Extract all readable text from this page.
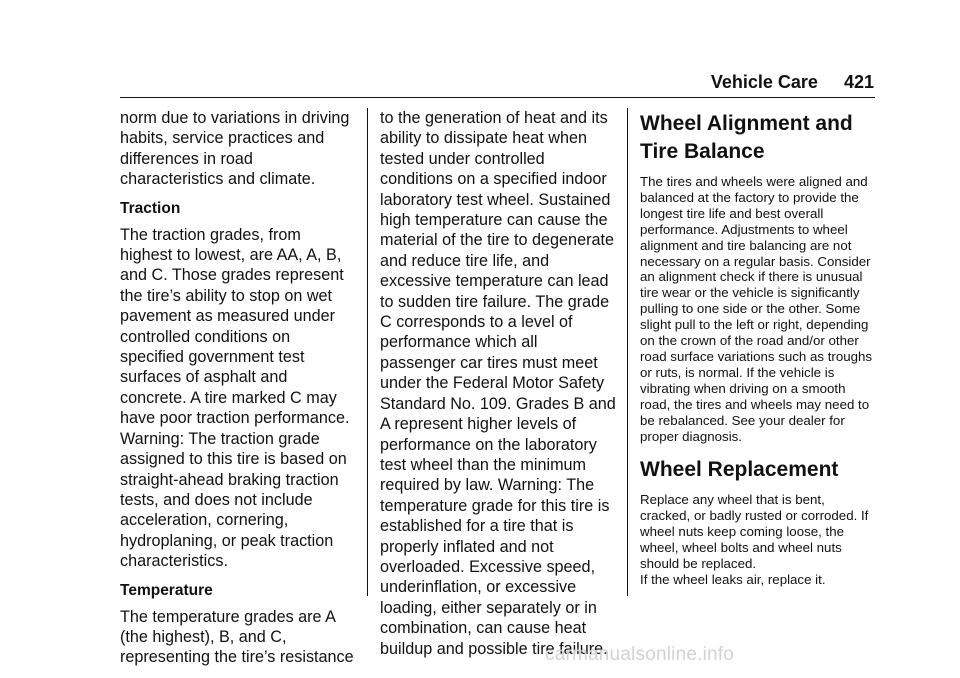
Vehicle Care 421

norm due to variations in driving habits, service practices and differences in road characteristics and climate.

Traction

The traction grades, from highest to lowest, are AA, A, B, and C. Those grades represent the tire’s ability to stop on wet pavement as measured under controlled conditions on specified government test surfaces of asphalt and concrete. A tire marked C may have poor traction performance. Warning: The traction grade assigned to this tire is based on straight-ahead braking traction tests, and does not include acceleration, cornering, hydroplaning, or peak traction characteristics.

Temperature

The temperature grades are A (the highest), B, and C, representing the tire’s resistance

to the generation of heat and its ability to dissipate heat when tested under controlled conditions on a specified indoor laboratory test wheel. Sustained high temperature can cause the material of the tire to degenerate and reduce tire life, and excessive temperature can lead to sudden tire failure. The grade C corresponds to a level of performance which all passenger car tires must meet under the Federal Motor Safety Standard No. 109. Grades B and A represent higher levels of performance on the laboratory test wheel than the minimum required by law. Warning: The temperature grade for this tire is established for a tire that is properly inflated and not overloaded. Excessive speed, underinflation, or excessive loading, either separately or in combination, can cause heat buildup and possible tire failure.

Wheel Alignment and Tire Balance

The tires and wheels were aligned and balanced at the factory to provide the longest tire life and best overall performance. Adjustments to wheel alignment and tire balancing are not necessary on a regular basis. Consider an alignment check if there is unusual tire wear or the vehicle is significantly pulling to one side or the other. Some slight pull to the left or right, depending on the crown of the road and/or other road surface variations such as troughs or ruts, is normal. If the vehicle is vibrating when driving on a smooth road, the tires and wheels may need to be rebalanced. See your dealer for proper diagnosis.

Wheel Replacement

Replace any wheel that is bent, cracked, or badly rusted or corroded. If wheel nuts keep coming loose, the wheel, wheel bolts and wheel nuts should be replaced.

If the wheel leaks air, replace it.

carmanualsonline.info
